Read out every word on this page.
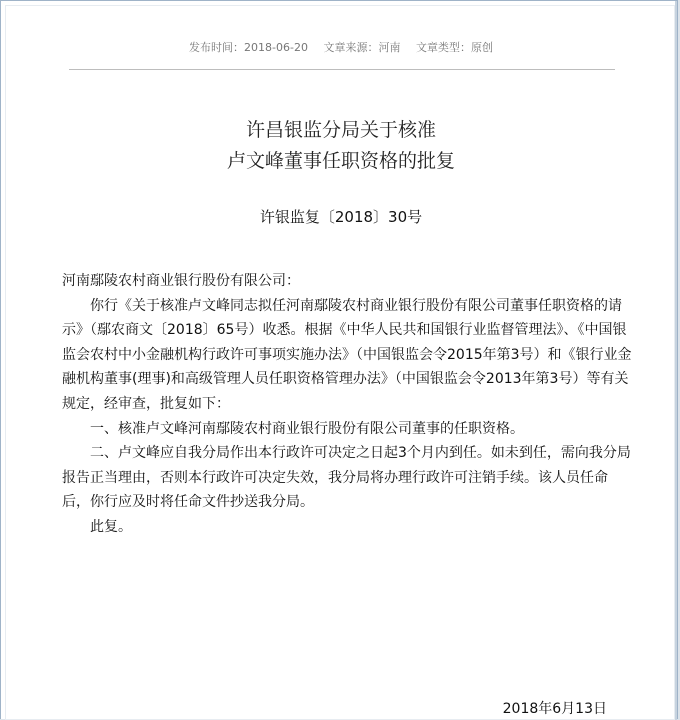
发布时间：2018-06-20 文章来源：河南 文章类型：原创
许昌银监分局关于核准
卢文峰董事任职资格的批复
许银监复〔2018〕30号

河南鄢陵农村商业银行股份有限公司：

你行《关于核准卢文峰同志拟任河南鄢陵农村商业银行股份有限公司董事任职资格的请示》（鄢农商文〔2018〕65号）收悉。根据《中华人民共和国银行业监督管理法》、《中国银监会农村中小金融机构行政许可事项实施办法》（中国银监会令2015年第3号）和《银行业金融机构董事(理事)和高级管理人员任职资格管理办法》（中国银监会令2013年第3号）等有关规定，经审查，批复如下：

一、核准卢文峰河南鄢陵农村商业银行股份有限公司董事的任职资格。

二、卢文峰应自我分局作出本行政许可决定之日起3个月内到任。如未到任，需向我分局报告正当理由，否则本行政许可决定失效，我分局将办理行政许可注销手续。该人员任命后，你行应及时将任命文件抄送我分局。

此复。

2018年6月13日
